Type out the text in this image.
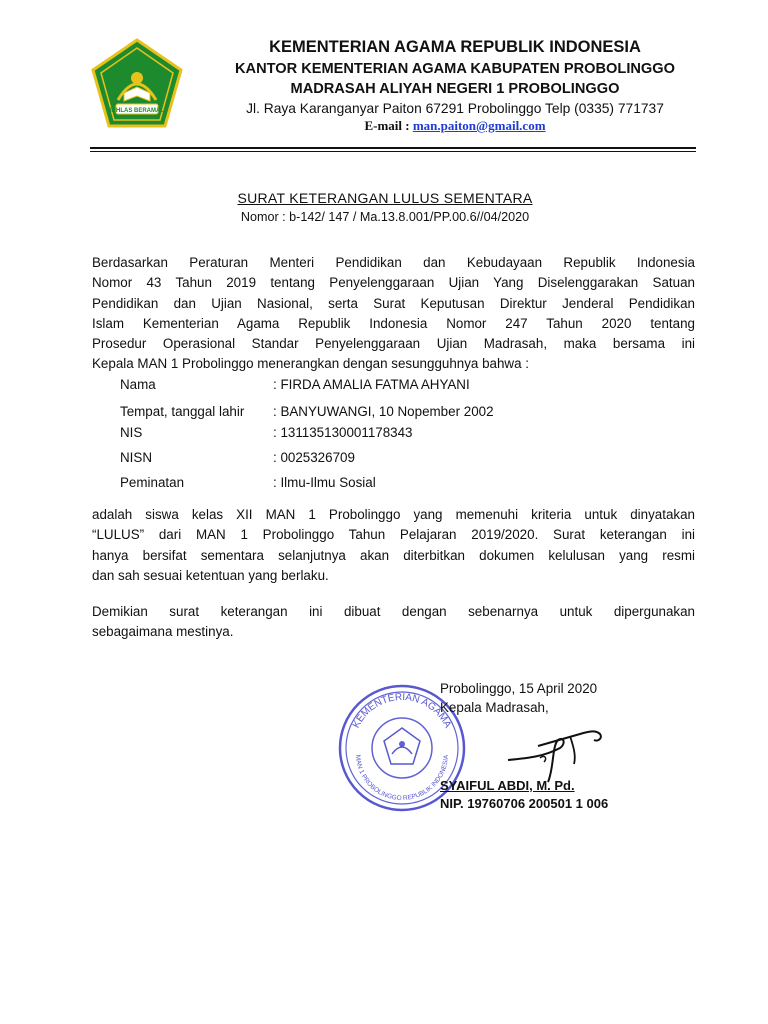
IKHLAS BERAMAL
KEMENTERIAN AGAMA REPUBLIK INDONESIA
KANTOR KEMENTERIAN AGAMA KABUPATEN PROBOLINGGO
MADRASAH ALIYAH NEGERI 1 PROBOLINGGO
Jl. Raya Karanganyar Paiton 67291 Probolinggo Telp (0335) 771737
E-mail : man.paiton@gmail.com
SURAT KETERANGAN LULUS SEMENTARA
Nomor : b-142/ 147 / Ma.13.8.001/PP.00.6//04/2020
Berdasarkan Peraturan Menteri Pendidikan dan Kebudayaan Republik Indonesia
Nomor 43 Tahun 2019 tentang Penyelenggaraan Ujian Yang Diselenggarakan Satuan
Pendidikan dan Ujian Nasional, serta Surat Keputusan Direktur Jenderal Pendidikan
Islam Kementerian Agama Republik Indonesia Nomor 247 Tahun 2020 tentang
Prosedur Operasional Standar Penyelenggaraan Ujian Madrasah, maka bersama ini
Kepala MAN 1 Probolinggo menerangkan dengan sesungguhnya bahwa :
Nama	: FIRDA AMALIA FATMA AHYANI
Tempat, tanggal lahir	: BANYUWANGI, 10 Nopember 2002
NIS	: 131135130001178343
NISN	: 0025326709
Peminatan	: Ilmu-Ilmu Sosial
adalah siswa kelas XII MAN 1 Probolinggo yang memenuhi kriteria untuk dinyatakan
“LULUS” dari MAN 1 Probolinggo Tahun Pelajaran 2019/2020. Surat keterangan ini
hanya bersifat sementara selanjutnya akan diterbitkan dokumen kelulusan yang resmi
dan sah sesuai ketentuan yang berlaku.
Demikian surat keterangan ini dibuat dengan sebenarnya untuk dipergunakan
sebagaimana mestinya.
KEMENTERIAN AGAMA
MAN 1 PROBOLINGGO REPUBLIK INDONESIA
Probolinggo, 15 April 2020
Kepala Madrasah,
SYAIFUL ABDI, M. Pd.
NIP. 19760706 200501 1 006
